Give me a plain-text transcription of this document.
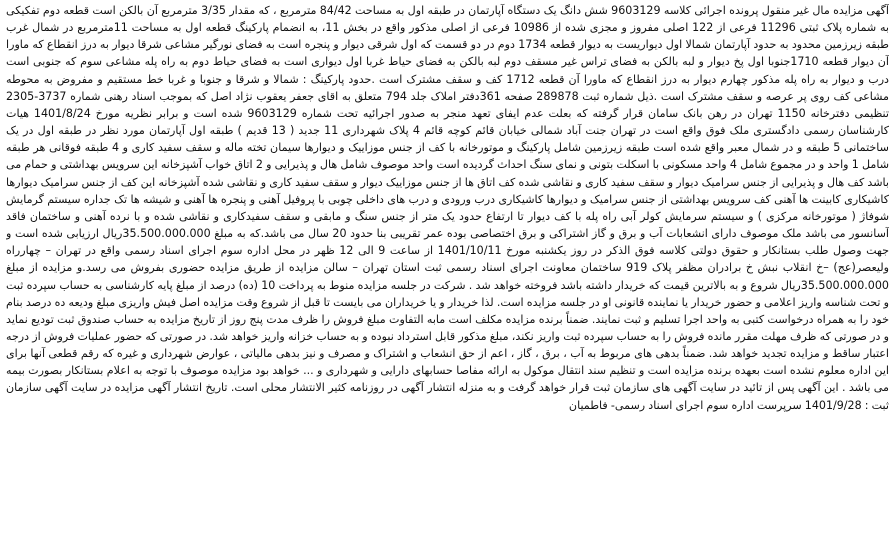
آگهی مزایده مال غیر منقول پرونده اجرائی کلاسه 9603129 شش دانگ یک دستگاه آپارتمان در طبقه اول به مساحت 84/42 مترمربع ، که مقدار 3/35 مترمربع آن بالکن است قطعه دوم تفکیکی به شماره پلاک ثبتی 11296 فرعی از 122 اصلی مفروز و مجزی شده از 10986 فرعی از اصلی مذکور واقع در بخش 11، به انضمام پارکینگ قطعه اول به مساحت 11مترمربع در شمال غرب طبقه زیرزمین محدود به حدود آپارتمان شمالا اول دیواریست به دیوار قطعه 1734 دوم در دو قسمت که اول شرقی دیوار و پنجره است به فضای نورگیر مشاعی شرقا دیوار به درز انقطاع که ماورا آن دیوار قطعه 1710جنوبا اول پخ دیوار و لبه بالکن به فضای تراس غیر مسقف دوم لبه بالکن به فضای حیاط غربا اول دیواری است به فضای حیاط دوم به راه پله مشاعی سوم که جنوبی است درب و دیوار به راه پله مذکور چهارم دیوار به درز انقطاع که ماورا آن قطعه 1712 کف و سقف مشترک است .حدود پارکینگ : شمالا و شرقا و جنوبا و غربا خط مستقیم و مفروض به محوطه مشاعی کف روی پر عرصه و سقف مشترک است .ذیل شماره ثبت 289878 صفحه 361دفتر املاک جلد 794 متعلق به اقای جعفر یعقوب نژاد اصل که بموجب اسناد رهنی شماره 3737-2305 تنظیمی دفترخانه 1150 تهران در رهن بانک سامان قرار گرفته که بعلت عدم ایفای تعهد منجر به صدور اجرائیه تحت شماره 9603129 شده است و برابر نظریه مورخ 1401/8/24 هیات کارشناسان رسمی دادگستری ملک فوق واقع است در تهران جنت آباد شمالی خیابان قائم کوچه قائم 4 پلاک شهرداری 11 جدید ( 13 قدیم ) طبقه اول آپارتمان مورد نظر در طبقه اول در یک ساختمانی 5 طبقه و در شمال معبر واقع شده است طبقه زیرزمین شامل پارکینگ و موتورخانه با کف از جنس موزاییک و دیوارها سیمان تخته ماله و سقف سفید کاری و 4 طبقه فوقانی هر طبقه شامل 1 واحد و در مجموع شامل 4 واحد مسکونی با اسکلت بتونی و نمای سنگ احداث گردیده است واحد موصوف شامل هال و پذیرایی و 2 اتاق خواب آشپزخانه این سرویس بهداشتی و حمام می باشد کف هال و پذیرایی از جنس سرامیک دیوار و سقف سفید کاری و نقاشی شده کف اتاق ها از جنس موزاییک دیوار و سقف سفید کاری و نقاشی شده آشپزخانه این کف از جنس سرامیک دیوارها کاشیکاری کابینت ها آهنی کف سرویس بهداشتی از جنس سرامیک و دیوارها کاشیکاری درب ورودی و درب های داخلی چوبی با پروفیل آهنی و پنجره ها آهنی و شیشه ها تک جداره سیستم گرمایش شوفاژ ( موتورخانه مرکزی ) و سیستم سرمایش کولر آبی راه پله با کف دیوار تا ارتفاع حدود یک متر از جنس سنگ و مابقی و سقف سفیدکاری و نقاشی شده و با نرده آهنی و ساختمان فاقد آسانسور می باشد ملک موصوف دارای انشعابات آب و برق و گاز اشتراکی و برق اختصاصی بوده عمر تقریبی بنا حدود 20 سال می باشد.که به مبلغ 35.500.000.000ریال ارزیابی شده است و جهت وصول طلب بستانکار و حقوق دولتی کلاسه فوق الذکر در روز یکشنبه مورخ 1401/10/11 از ساعت 9 الی 12 ظهر در محل اداره سوم اجرای اسناد رسمی واقع در تهران – چهارراه ولیعصر(عج) –خ انقلاب نبش خ برادران مظفر پلاک 919 ساختمان معاونت اجرای اسناد رسمی ثبت استان تهران – سالن مزایده از طریق مزایده حضوری بفروش می رسد.و مزایده از مبلغ 35.500.000.000ریال شروع و به بالاترین قیمت که خریدار داشته باشد فروخته خواهد شد . شرکت در جلسه مزایده منوط به پرداخت 10 (ده) درصد از مبلغ پایه کارشناسی به حساب سپرده ثبت و تحت شناسه واریز اعلامی و حضور خریدار یا نماینده قانونی او در جلسه مزایده است. لذا خریدار و یا خریداران می بایست تا قبل از شروع وقت مزایده اصل فیش واریزی مبلغ ودیعه ده درصد بنام خود را به همراه درخواست کتبی به واحد اجرا تسلیم و ثبت نمایند. ضمناً برنده مزایده مکلف است مابه التفاوت مبلغ فروش را ظرف مدت پنج روز از تاریخ مزایده به حساب صندوق ثبت تودیع نماید و در صورتی که ظرف مهلت مقرر مانده فروش را به حساب سپرده ثبت واریز نکند، مبلغ مذکور قابل استرداد نبوده و به حساب خزانه واریز خواهد شد. در صورتی که حضور عملیات فروش از درجه اعتبار ساقط و مزایده تجدید خواهد شد. ضمناً بدهی های مربوط به آب ، برق ، گاز ، اعم از حق انشعاب و اشتراک و مصرف و نیز بدهی مالیاتی ، عوارض شهرداری و غیره که رقم قطعی آنها برای این اداره معلوم نشده است بعهده برنده مزایده است و تنظیم سند انتقال موکول به ارائه مفاصا حسابهای دارایی و شهرداری و ... خواهد بود مزایده موصوف با توجه به اعلام بستانکار بصورت بیمه می باشد . این آگهی پس از تائید در سایت آگهی های سازمان ثبت قرار خواهد گرفت و به منزله انتشار آگهی در روزنامه کثیر الانتشار محلی است. تاریخ انتشار آگهی مزایده در سایت آگهی سازمان ثبت : 1401/9/28 سرپرست اداره سوم اجرای اسناد رسمی- فاطمیان
